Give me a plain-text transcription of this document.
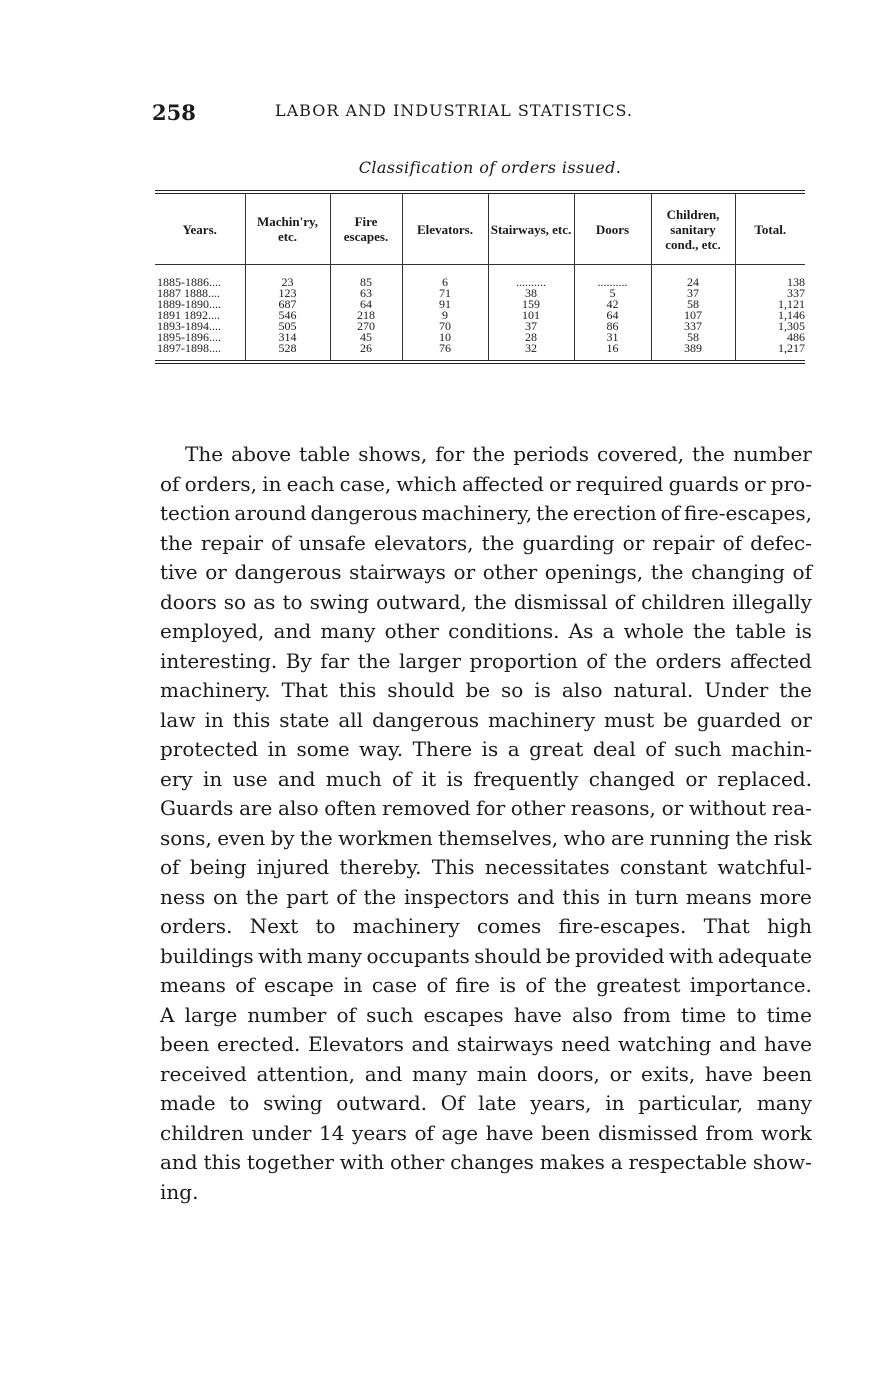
258	LABOR AND INDUSTRIAL STATISTICS.
Classification of orders issued.
Years.	Machin'ry, etc.	Fire escapes.	Elevators.	Stairways, etc.	Doors	Children, sanitary cond., etc.	Total.
1885-1886....	23	85	6	..........	..........	24	138
1887 1888....	123	63	71	38	5	37	337
1889-1890....	687	64	91	159	42	58	1,121
1891 1892....	546	218	9	101	64	107	1,146
1893-1894....	505	270	70	37	86	337	1,305
1895-1896....	314	45	10	28	31	58	486
1897-1898....	528	26	76	32	16	389	1,217
The above table shows, for the periods covered, the number
of orders, in each case, which affected or required guards or pro-
tection around dangerous machinery, the erection of fire-escapes,
the repair of unsafe elevators, the guarding or repair of defec-
tive or dangerous stairways or other openings, the changing of
doors so as to swing outward, the dismissal of children illegally
employed, and many other conditions. As a whole the table is
interesting. By far the larger proportion of the orders affected
machinery. That this should be so is also natural. Under the
law in this state all dangerous machinery must be guarded or
protected in some way. There is a great deal of such machin-
ery in use and much of it is frequently changed or replaced.
Guards are also often removed for other reasons, or without rea-
sons, even by the workmen themselves, who are running the risk
of being injured thereby. This necessitates constant watchful-
ness on the part of the inspectors and this in turn means more
orders. Next to machinery comes fire-escapes. That high
buildings with many occupants should be provided with adequate
means of escape in case of fire is of the greatest importance.
A large number of such escapes have also from time to time
been erected. Elevators and stairways need watching and have
received attention, and many main doors, or exits, have been
made to swing outward. Of late years, in particular, many
children under 14 years of age have been dismissed from work
and this together with other changes makes a respectable show-
ing.
